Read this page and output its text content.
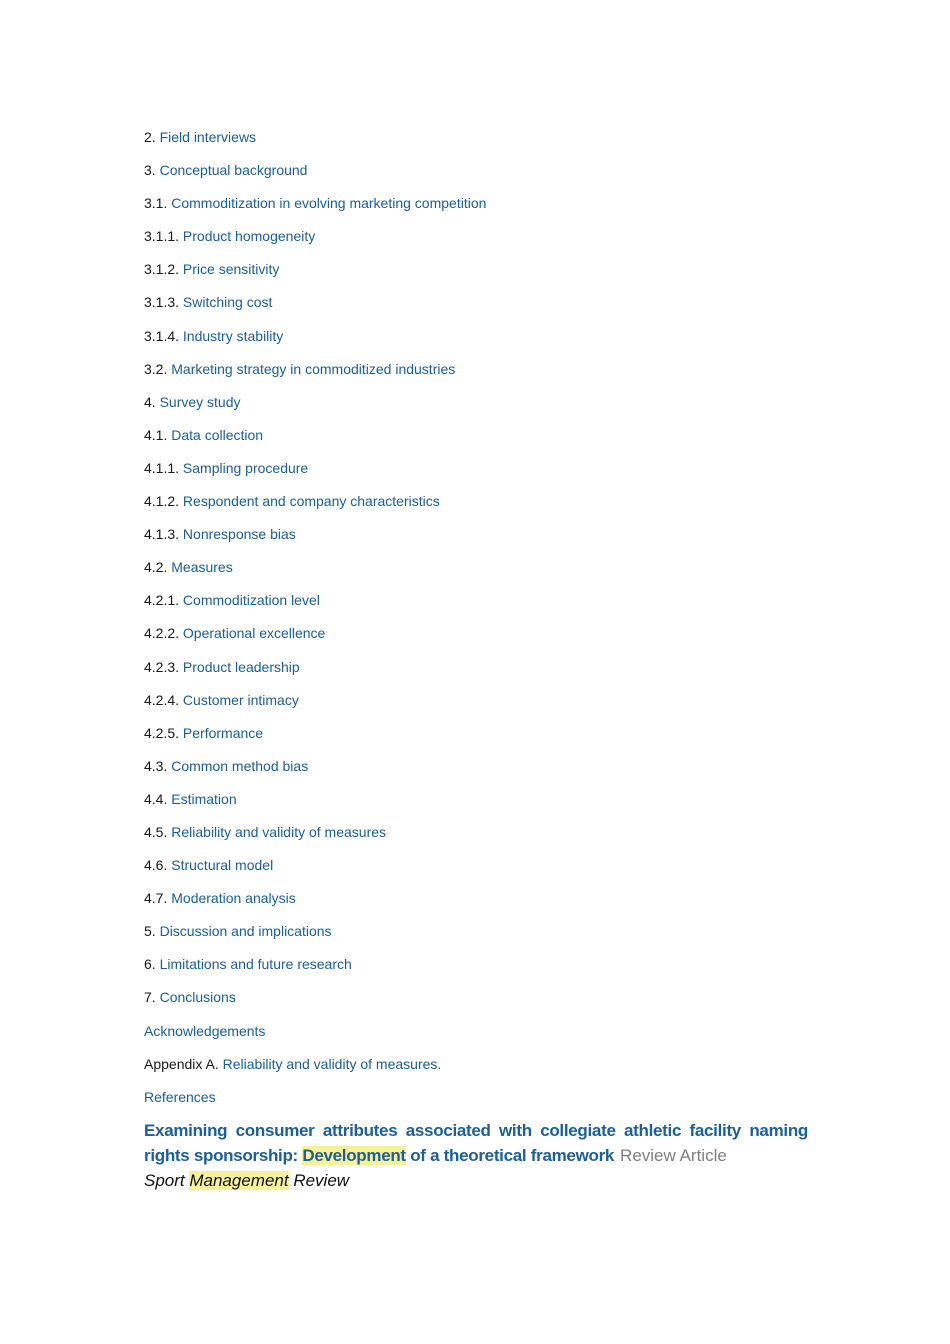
2. Field interviews
3. Conceptual background
3.1. Commoditization in evolving marketing competition
3.1.1. Product homogeneity
3.1.2. Price sensitivity
3.1.3. Switching cost
3.1.4. Industry stability
3.2. Marketing strategy in commoditized industries
4. Survey study
4.1. Data collection
4.1.1. Sampling procedure
4.1.2. Respondent and company characteristics
4.1.3. Nonresponse bias
4.2. Measures
4.2.1. Commoditization level
4.2.2. Operational excellence
4.2.3. Product leadership
4.2.4. Customer intimacy
4.2.5. Performance
4.3. Common method bias
4.4. Estimation
4.5. Reliability and validity of measures
4.6. Structural model
4.7. Moderation analysis
5. Discussion and implications
6. Limitations and future research
7. Conclusions
Acknowledgements
Appendix A. Reliability and validity of measures.
References
Examining consumer attributes associated with collegiate athletic facility naming rights sponsorship: Development of a theoretical framework Review Article
Sport Management Review
